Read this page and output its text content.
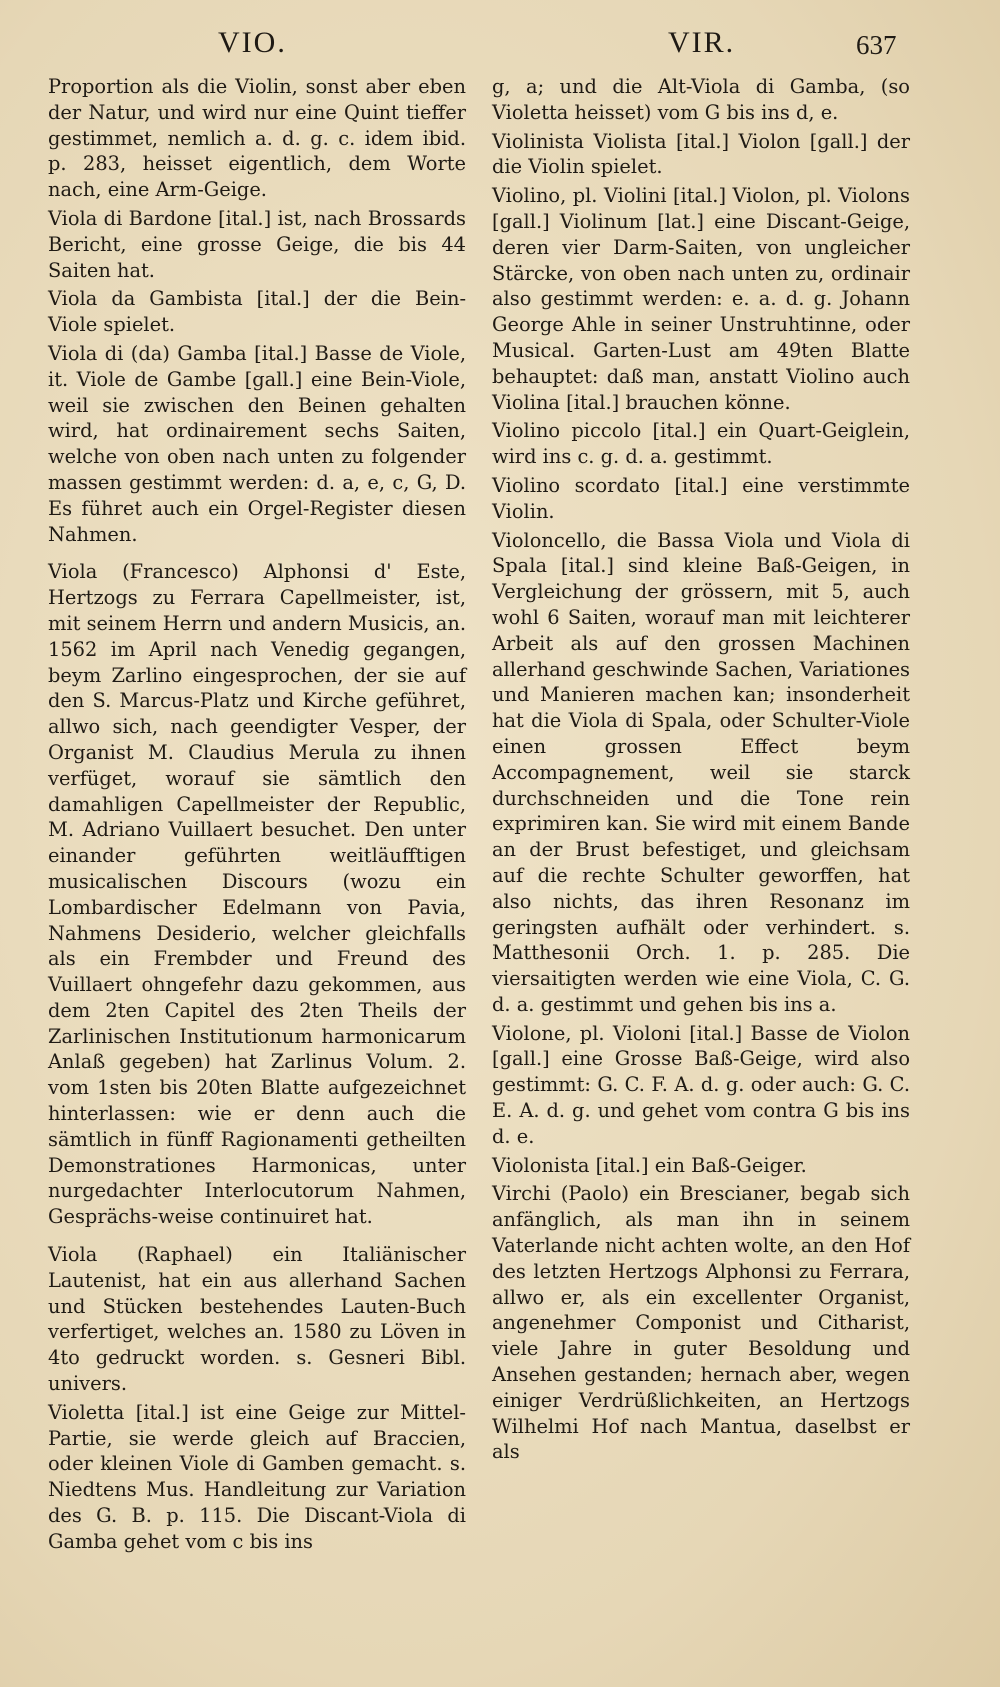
VIO.	VIR.	637

Proportion als die Violin, sonst aber eben der Natur, und wird nur eine Quint tieffer gestimmet, nemlich a. d. g. c. idem ibid. p. 283, heisset eigentlich, dem Worte nach, eine Arm-Geige.

Viola di Bardone [ital.] ist, nach Brossards Bericht, eine grosse Geige, die bis 44 Saiten hat.

Viola da Gambista [ital.] der die Bein-Viole spielet.

Viola di (da) Gamba [ital.] Basse de Viole, it. Viole de Gambe [gall.] eine Bein-Viole, weil sie zwischen den Beinen gehalten wird, hat ordinairement sechs Saiten, welche von oben nach unten zu folgender massen gestimmt werden: d. a, e, c, G, D. Es führet auch ein Orgel-Register diesen Nahmen.

Viola (Francesco) Alphonsi d' Este, Hertzogs zu Ferrara Capellmeister, ist, mit seinem Herrn und andern Musicis, an. 1562 im April nach Venedig gegangen, beym Zarlino eingesprochen, der sie auf den S. Marcus-Platz und Kirche geführet, allwo sich, nach geendigter Vesper, der Organist M. Claudius Merula zu ihnen verfüget, worauf sie sämtlich den damahligen Capellmeister der Republic, M. Adriano Vuillaert besuchet. Den unter einander geführten weitläufftigen musicalischen Discours (wozu ein Lombardischer Edelmann von Pavia, Nahmens Desiderio, welcher gleichfalls als ein Frembder und Freund des Vuillaert ohngefehr dazu gekommen, aus dem 2ten Capitel des 2ten Theils der Zarlinischen Institutionum harmonicarum Anlaß gegeben) hat Zarlinus Volum. 2. vom 1sten bis 20ten Blatte aufgezeichnet hinterlassen: wie er denn auch die sämtlich in fünff Ragionamenti getheilten Demonstrationes Harmonicas, unter nurgedachter Interlocutorum Nahmen, Gesprächs-weise continuiret hat.

Viola (Raphael) ein Italiänischer Lautenist, hat ein aus allerhand Sachen und Stücken bestehendes Lauten-Buch verfertiget, welches an. 1580 zu Löven in 4to gedruckt worden. s. Gesneri Bibl. univers.

Violetta [ital.] ist eine Geige zur Mittel-Partie, sie werde gleich auf Braccien, oder kleinen Viole di Gamben gemacht. s. Niedtens Mus. Handleitung zur Variation des G. B. p. 115. Die Discant-Viola di Gamba gehet vom c bis ins

g, a; und die Alt-Viola di Gamba, (so Violetta heisset) vom G bis ins d, e.

Violinista Violista [ital.] Violon [gall.] der die Violin spielet.

Violino, pl. Violini [ital.] Violon, pl. Violons [gall.] Violinum [lat.] eine Discant-Geige, deren vier Darm-Saiten, von ungleicher Stärcke, von oben nach unten zu, ordinair also gestimmt werden: e. a. d. g. Johann George Ahle in seiner Unstruhtinne, oder Musical. Garten-Lust am 49ten Blatte behauptet: daß man, anstatt Violino auch Violina [ital.] brauchen könne.

Violino piccolo [ital.] ein Quart-Geiglein, wird ins c. g. d. a. gestimmt.

Violino scordato [ital.] eine verstimmte Violin.

Violoncello, die Bassa Viola und Viola di Spala [ital.] sind kleine Baß-Geigen, in Vergleichung der grössern, mit 5, auch wohl 6 Saiten, worauf man mit leichterer Arbeit als auf den grossen Machinen allerhand geschwinde Sachen, Variationes und Manieren machen kan; insonderheit hat die Viola di Spala, oder Schulter-Viole einen grossen Effect beym Accompagnement, weil sie starck durchschneiden und die Tone rein exprimiren kan. Sie wird mit einem Bande an der Brust befestiget, und gleichsam auf die rechte Schulter geworffen, hat also nichts, das ihren Resonanz im geringsten aufhält oder verhindert. s. Matthesonii Orch. 1. p. 285. Die viersaitigten werden wie eine Viola, C. G. d. a. gestimmt und gehen bis ins a.

Violone, pl. Violoni [ital.] Basse de Violon [gall.] eine Grosse Baß-Geige, wird also gestimmt: G. C. F. A. d. g. oder auch: G. C. E. A. d. g. und gehet vom contra G bis ins d. e.

Violonista [ital.] ein Baß-Geiger.

Virchi (Paolo) ein Brescianer, begab sich anfänglich, als man ihn in seinem Vaterlande nicht achten wolte, an den Hof des letzten Hertzogs Alphonsi zu Ferrara, allwo er, als ein excellenter Organist, angenehmer Componist und Citharist, viele Jahre in guter Besoldung und Ansehen gestanden; hernach aber, wegen einiger Verdrüßlichkeiten, an Hertzogs Wilhelmi Hof nach Mantua, daselbst er als
